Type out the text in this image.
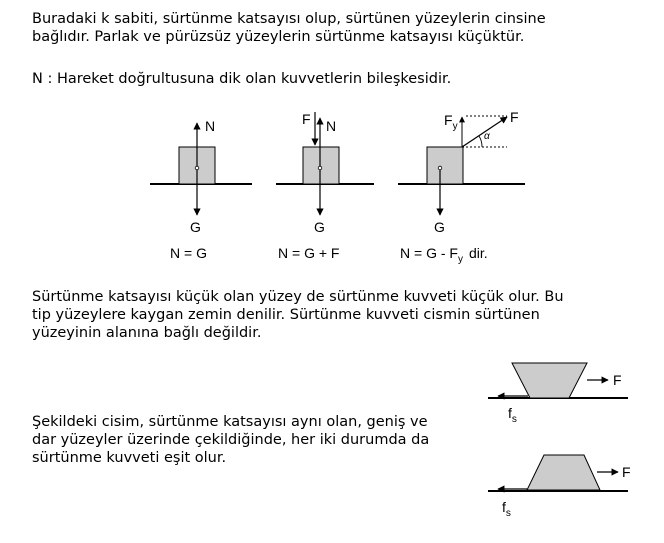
Buradaki k sabiti, sürtünme katsayısı olup, sürtünen yüzeylerin cinsine
bağlıdır. Parlak ve pürüzsüz yüzeylerin sürtünme katsayısı küçüktür.

N : Hareket doğrultusuna dik olan kuvvetlerin bileşkesidir.

Sürtünme katsayısı küçük olan yüzey de sürtünme kuvveti küçük olur. Bu
tip yüzeylere kaygan zemin denilir. Sürtünme kuvveti cismin sürtünen
yüzeyinin alanına bağlı değildir.

Şekildeki cisim, sürtünme katsayısı aynı olan, geniş ve
dar yüzeyler üzerinde çekildiğinde, her iki durumda da
sürtünme kuvveti eşit olur.

N
G
N = G
F N
G
N = G + F
$F_y$
F
α
G
$N = G - F_y$ dir.
F
$f_s$
F
$f_s$
